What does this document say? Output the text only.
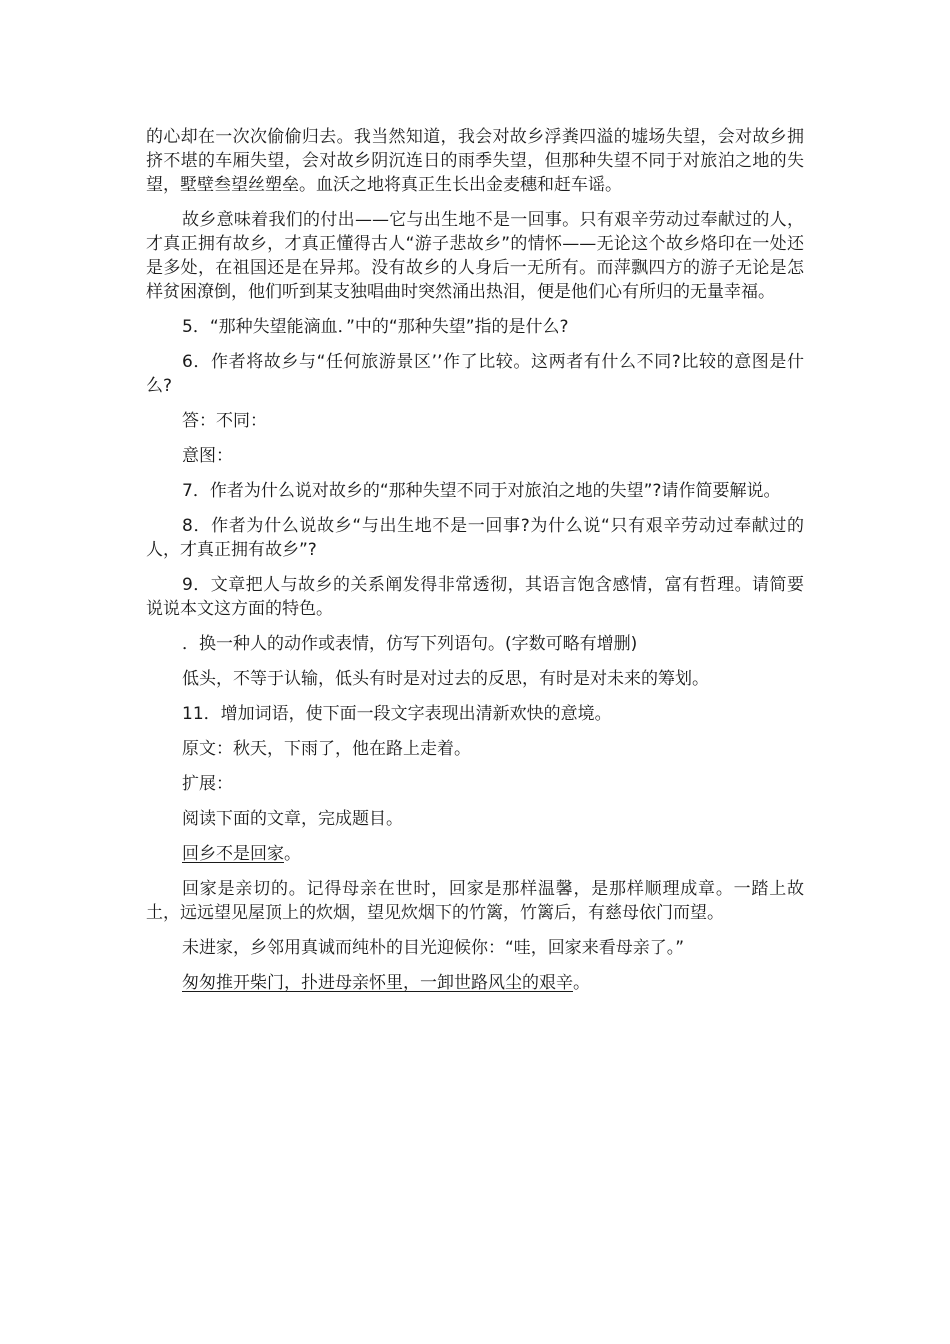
的心却在一次次偷偷归去。我当然知道，我会对故乡浮粪四溢的墟场失望，会对故乡拥挤不堪的车厢失望，会对故乡阴沉连日的雨季失望，但那种失望不同于对旅泊之地的失望，墅壁叁望丝塑垒。血沃之地将真正生长出金麦穗和赶车谣。

故乡意味着我们的付出——它与出生地不是一回事。只有艰辛劳动过奉献过的人，才真正拥有故乡，才真正懂得古人“游子悲故乡”的情怀——无论这个故乡烙印在一处还是多处，在祖国还是在异邦。没有故乡的人身后一无所有。而萍飘四方的游子无论是怎样贫困潦倒，他们听到某支独唱曲时突然涌出热泪，便是他们心有所归的无量幸福。

5．“那种失望能滴血．”中的“那种失望”指的是什么?

6．作者将故乡与“任何旅游景区’’作了比较。这两者有什么不同?比较的意图是什么?

答：不同：

意图：

7．作者为什么说对故乡的“那种失望不同于对旅泊之地的失望”?请作简要解说。

8．作者为什么说故乡“与出生地不是一回事?为什么说“只有艰辛劳动过奉献过的人，才真正拥有故乡”?

9．文章把人与故乡的关系阐发得非常透彻，其语言饱含感情，富有哲理。请简要说说本文这方面的特色。

．换一种人的动作或表情，仿写下列语句。(字数可略有增删)

低头，不等于认输，低头有时是对过去的反思，有时是对未来的筹划。

11．增加词语，使下面一段文字表现出清新欢快的意境。

原文：秋天，下雨了，他在路上走着。

扩展：

阅读下面的文章，完成题目。

回乡不是回家。

回家是亲切的。记得母亲在世时，回家是那样温馨，是那样顺理成章。一踏上故土，远远望见屋顶上的炊烟，望见炊烟下的竹篱，竹篱后，有慈母依门而望。

未进家，乡邻用真诚而纯朴的目光迎候你：“哇，回家来看母亲了。”

匆匆推开柴门，扑进母亲怀里，一卸世路风尘的艰辛。
